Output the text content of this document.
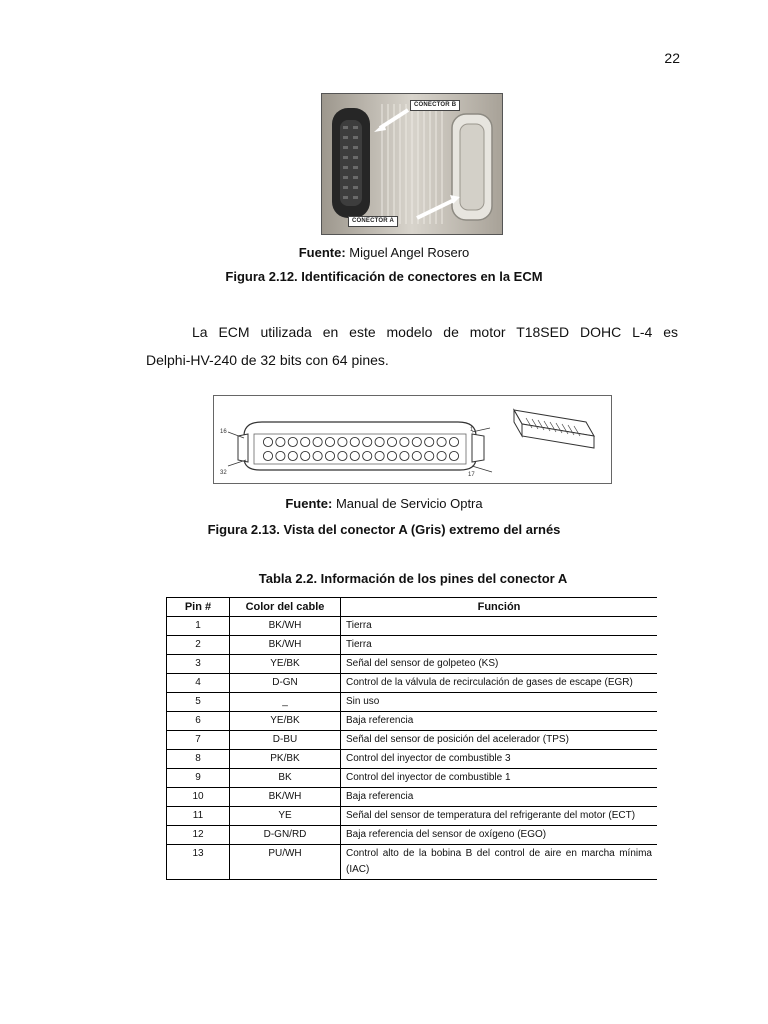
22
CONECTOR B
CONECTOR A
Fuente: Miguel Angel Rosero
Figura 2.12. Identificación de conectores en la ECM
La ECM utilizada en este modelo de motor T18SED DOHC L-4 es
Delphi-HV-240 de 32 bits con 64 pines.
16	1
32	17
Fuente: Manual de Servicio Optra
Figura 2.13. Vista del conector A (Gris) extremo del arnés
Tabla 2.2. Información de los pines del conector A
Pin #	Color del cable	Función
1	BK/WH	Tierra
2	BK/WH	Tierra
3	YE/BK	Señal del sensor de golpeteo (KS)
4	D-GN	Control de la válvula de recirculación de gases de escape (EGR)
5	_	Sin uso
6	YE/BK	Baja referencia
7	D-BU	Señal del sensor de posición del acelerador (TPS)
8	PK/BK	Control del inyector de combustible 3
9	BK	Control del inyector de combustible 1
10	BK/WH	Baja referencia
11	YE	Señal del sensor de temperatura del refrigerante del motor (ECT)
12	D-GN/RD	Baja referencia del sensor de oxígeno (EGO)
13	PU/WH	Control alto de la bobina B del control de aire en marcha mínima (IAC)
